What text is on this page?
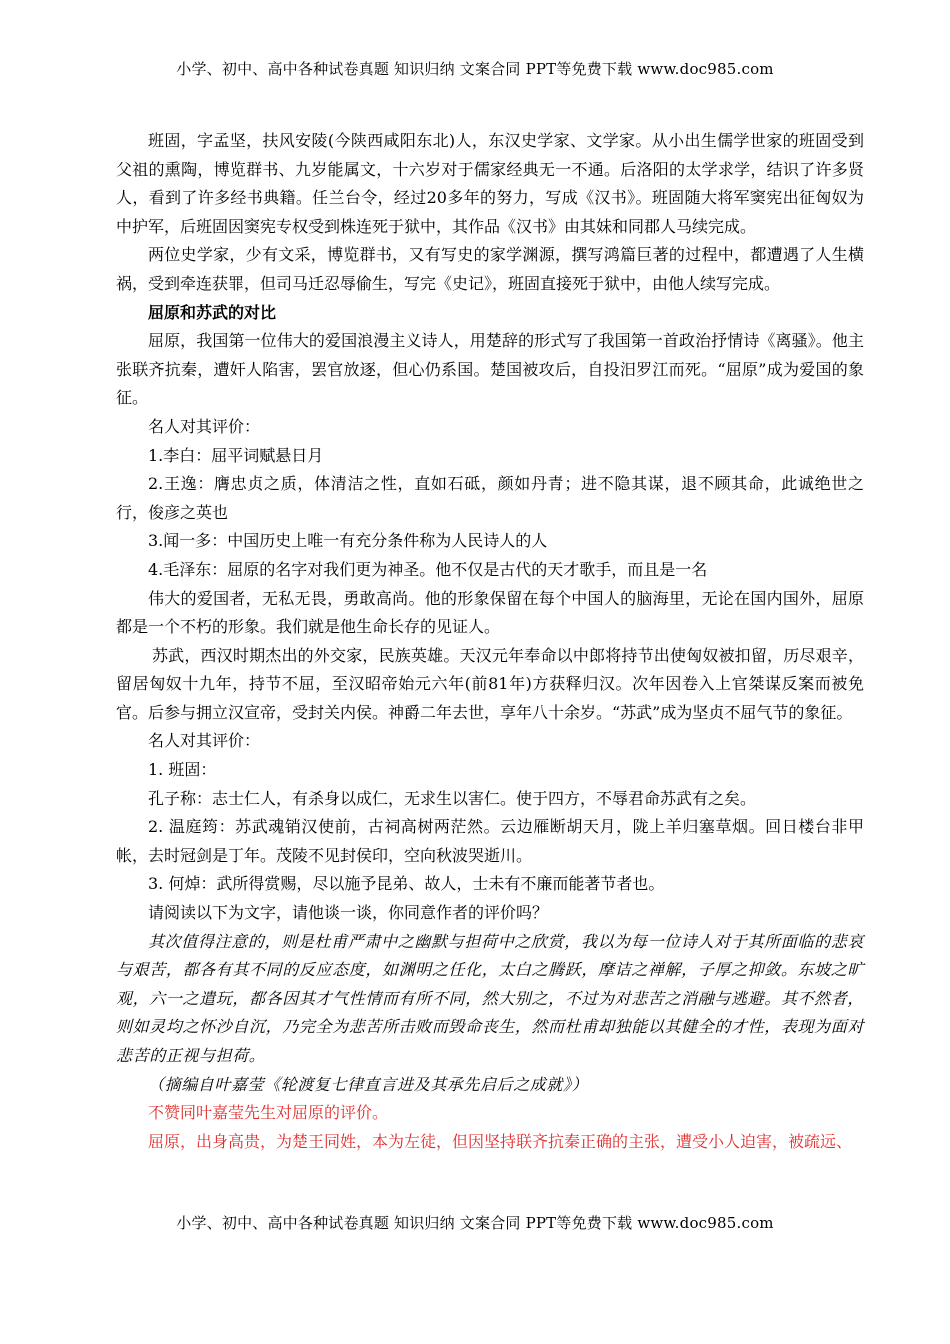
小学、初中、高中各种试卷真题 知识归纳 文案合同 PPT等免费下载 www.doc985.com

班固，字孟坚，扶风安陵(今陕西咸阳东北)人，东汉史学家、文学家。从小出生儒学世家的班固受到父祖的熏陶，博览群书、九岁能属文，十六岁对于儒家经典无一不通。后洛阳的太学求学，结识了许多贤人，看到了许多经书典籍。任兰台令，经过20多年的努力，写成《汉书》。班固随大将军窦宪出征匈奴为中护军，后班固因窦宪专权受到株连死于狱中，其作品《汉书》由其妹和同郡人马续完成。

两位史学家，少有文采，博览群书，又有写史的家学渊源，撰写鸿篇巨著的过程中，都遭遇了人生横祸，受到牵连获罪，但司马迁忍辱偷生，写完《史记》，班固直接死于狱中，由他人续写完成。

屈原和苏武的对比

屈原，我国第一位伟大的爱国浪漫主义诗人，用楚辞的形式写了我国第一首政治抒情诗《离骚》。他主张联齐抗秦，遭奸人陷害，罢官放逐，但心仍系国。楚国被攻后，自投汨罗江而死。“屈原”成为爱国的象征。

名人对其评价：

1.李白：屈平词赋悬日月

2.王逸：膺忠贞之质，体清洁之性，直如石砥，颜如丹青；进不隐其谋，退不顾其命，此诚绝世之行，俊彦之英也

3.闻一多：中国历史上唯一有充分条件称为人民诗人的人

4.毛泽东：屈原的名字对我们更为神圣。他不仅是古代的天才歌手，而且是一名

伟大的爱国者，无私无畏，勇敢高尚。他的形象保留在每个中国人的脑海里，无论在国内国外，屈原都是一个不朽的形象。我们就是他生命长存的见证人。

苏武，西汉时期杰出的外交家，民族英雄。天汉元年奉命以中郎将持节出使匈奴被扣留，历尽艰辛，留居匈奴十九年，持节不屈，至汉昭帝始元六年(前81年)方获释归汉。次年因卷入上官桀谋反案而被免官。后参与拥立汉宣帝，受封关内侯。神爵二年去世，享年八十余岁。“苏武”成为坚贞不屈气节的象征。

名人对其评价：

1. 班固：

孔子称：志士仁人，有杀身以成仁，无求生以害仁。使于四方，不辱君命苏武有之矣。

2. 温庭筠：苏武魂销汉使前，古祠高树两茫然。云边雁断胡天月，陇上羊归塞草烟。回日楼台非甲帐，去时冠剑是丁年。茂陵不见封侯印，空向秋波哭逝川。

3. 何焯：武所得赏赐，尽以施予昆弟、故人，士未有不廉而能著节者也。

请阅读以下为文字，请他谈一谈，你同意作者的评价吗？

其次值得注意的，则是杜甫严肃中之幽默与担荷中之欣赏，我以为每一位诗人对于其所面临的悲哀与艰苦，都各有其不同的反应态度，如渊明之任化，太白之腾跃，摩诘之禅解，子厚之抑敛。东坡之旷观，六一之遣玩，都各因其才气性情而有所不同，然大别之，不过为对悲苦之消融与逃避。其不然者，则如灵均之怀沙自沉，乃完全为悲苦所击败而毁命丧生，然而杜甫却独能以其健全的才性，表现为面对悲苦的正视与担荷。

（摘编自叶嘉莹《轮渡复七律直言进及其承先启后之成就》）

不赞同叶嘉莹先生对屈原的评价。

屈原，出身高贵，为楚王同姓，本为左徒，但因坚持联齐抗秦正确的主张，遭受小人迫害，被疏远、

小学、初中、高中各种试卷真题 知识归纳 文案合同 PPT等免费下载 www.doc985.com
